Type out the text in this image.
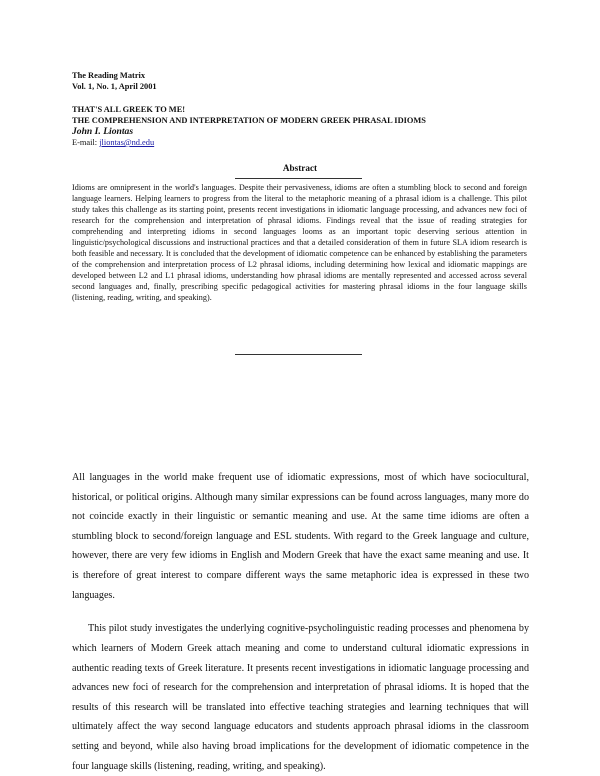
The Reading Matrix
Vol. 1, No. 1, April 2001
THAT'S ALL GREEK TO ME!
THE COMPREHENSION AND INTERPRETATION OF MODERN GREEK PHRASAL IDIOMS
John I. Liontas
E-mail: jliontas@nd.edu
Abstract
Idioms are omnipresent in the world's languages. Despite their pervasiveness, idioms are often a stumbling block to second and foreign language learners. Helping learners to progress from the literal to the metaphoric meaning of a phrasal idiom is a challenge. This pilot study takes this challenge as its starting point, presents recent investigations in idiomatic language processing, and advances new foci of research for the comprehension and interpretation of phrasal idioms. Findings reveal that the issue of reading strategies for comprehending and interpreting idioms in second languages looms as an important topic deserving serious attention in linguistic/psychological discussions and instructional practices and that a detailed consideration of them in future SLA idiom research is both feasible and necessary. It is concluded that the development of idiomatic competence can be enhanced by establishing the parameters of the comprehension and interpretation process of L2 phrasal idioms, including determining how lexical and idiomatic mappings are developed between L2 and L1 phrasal idioms, understanding how phrasal idioms are mentally represented and accessed across several second languages and, finally, prescribing specific pedagogical activities for mastering phrasal idioms in the four language skills (listening, reading, writing, and speaking).

All languages in the world make frequent use of idiomatic expressions, most of which have sociocultural, historical, or political origins. Although many similar expressions can be found across languages, many more do not coincide exactly in their linguistic or semantic meaning and use. At the same time idioms are often a stumbling block to second/foreign language and ESL students. With regard to the Greek language and culture, however, there are very few idioms in English and Modern Greek that have the exact same meaning and use. It is therefore of great interest to compare different ways the same metaphoric idea is expressed in these two languages.

This pilot study investigates the underlying cognitive-psycholinguistic reading processes and phenomena by which learners of Modern Greek attach meaning and come to understand cultural idiomatic expressions in authentic reading texts of Greek literature. It presents recent investigations in idiomatic language processing and advances new foci of research for the comprehension and interpretation of phrasal idioms. It is hoped that the results of this research will be translated into effective teaching strategies and learning techniques that will ultimately affect the way second language educators and students approach phrasal idioms in the classroom setting and beyond, while also having broad implications for the development of idiomatic competence in the four language skills (listening, reading, writing, and speaking).
